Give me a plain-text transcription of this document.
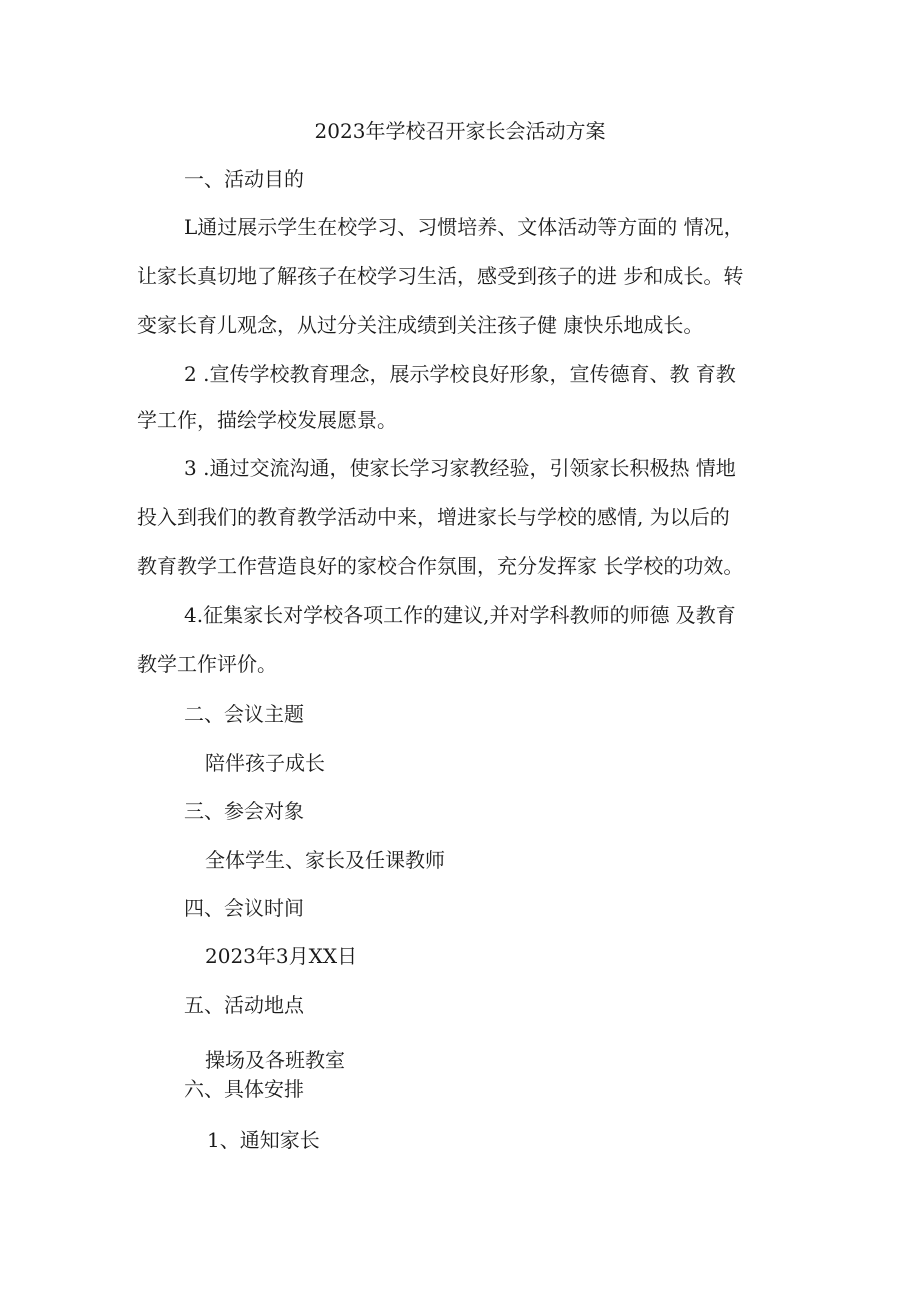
2023年学校召开家长会活动方案
一、活动目的
L通过展示学生在校学习、习惯培养、文体活动等方面的 情况，
让家长真切地了解孩子在校学习生活，感受到孩子的进 步和成长。转
变家长育儿观念，从过分关注成绩到关注孩子健 康快乐地成长。
2 .宣传学校教育理念，展示学校良好形象，宣传德育、教 育教
学工作，描绘学校发展愿景。
3 .通过交流沟通，使家长学习家教经验，引领家长积极热 情地
投入到我们的教育教学活动中来，增进家长与学校的感情, 为以后的
教育教学工作营造良好的家校合作氛围，充分发挥家 长学校的功效。
4.征集家长对学校各项工作的建议,并对学科教师的师德 及教育
教学工作评价。
二、会议主题
陪伴孩子成长
三、参会对象
全体学生、家长及任课教师
四、会议时间
2023年3月XX日
五、活动地点
操场及各班教室
六、具体安排
1、通知家长
